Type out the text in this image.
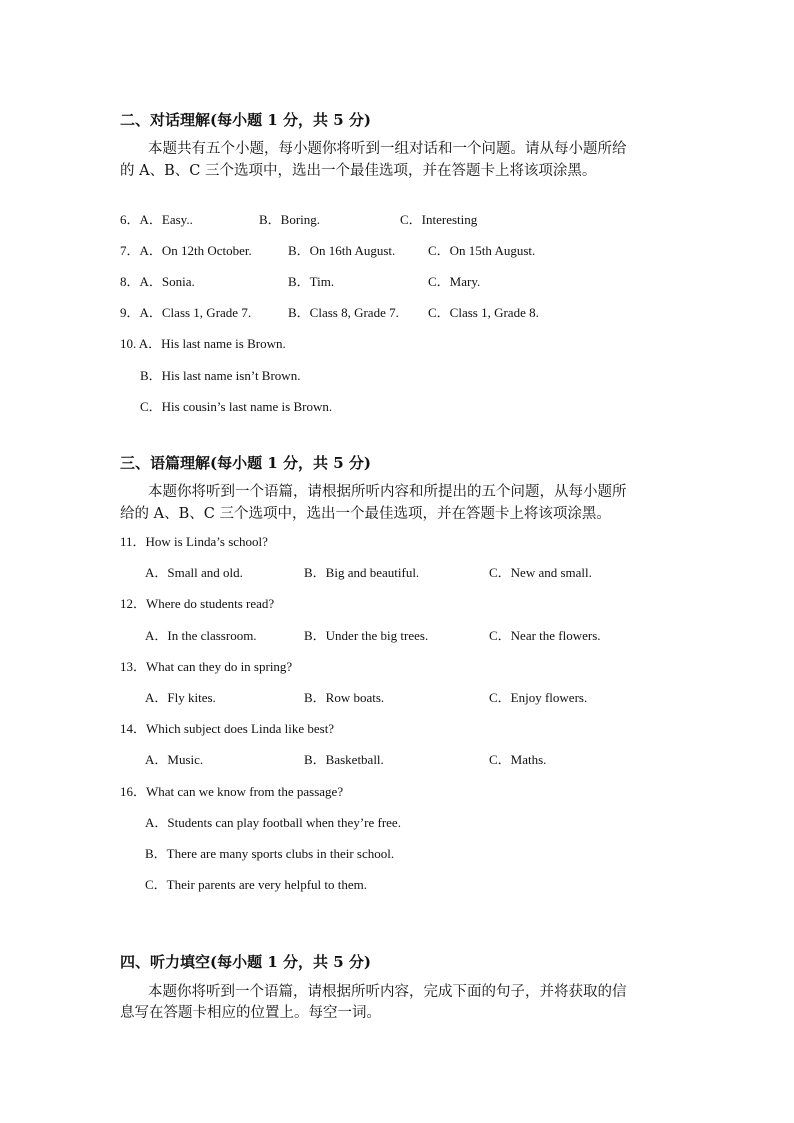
二、对话理解(每小题 1 分，共 5 分)
本题共有五个小题，每小题你将听到一组对话和一个问题。请从每小题所给
的 A、B、C 三个选项中，选出一个最佳选项，并在答题卡上将该项涂黑。
6．A．Easy..	B．Boring.	C．Interesting
7．A．On 12th October.	B．On 16th August.	C．On 15th August.
8．A．Sonia.	B．Tim.	C．Mary.
9．A．Class 1, Grade 7.	B．Class 8, Grade 7. C．Class 1, Grade 8.
10. A．His last name is Brown.
B．His last name isn’t Brown.
C．His cousin’s last name is Brown.
三、语篇理解(每小题 1 分，共 5 分)
本题你将听到一个语篇，请根据所听内容和所提出的五个问题，从每小题所
给的 A、B、C 三个选项中，选出一个最佳选项，并在答题卡上将该项涂黑。
11．How is Linda’s school?
A．Small and old.	B．Big and beautiful.	C．New and small.
12．Where do students read?
A．In the classroom.	B．Under the big trees.	C．Near the flowers.
13．What can they do in spring?
A．Fly kites.	B．Row boats.	C．Enjoy flowers.
14．Which subject does Linda like best?
A．Music.	B．Basketball.	C．Maths.
16．What can we know from the passage?
A．Students can play football when they’re free.
B．There are many sports clubs in their school.
C．Their parents are very helpful to them.
四、听力填空(每小题 1 分，共 5 分)
本题你将听到一个语篇，请根据所听内容，完成下面的句子，并将获取的信
息写在答题卡相应的位置上。每空一词。
